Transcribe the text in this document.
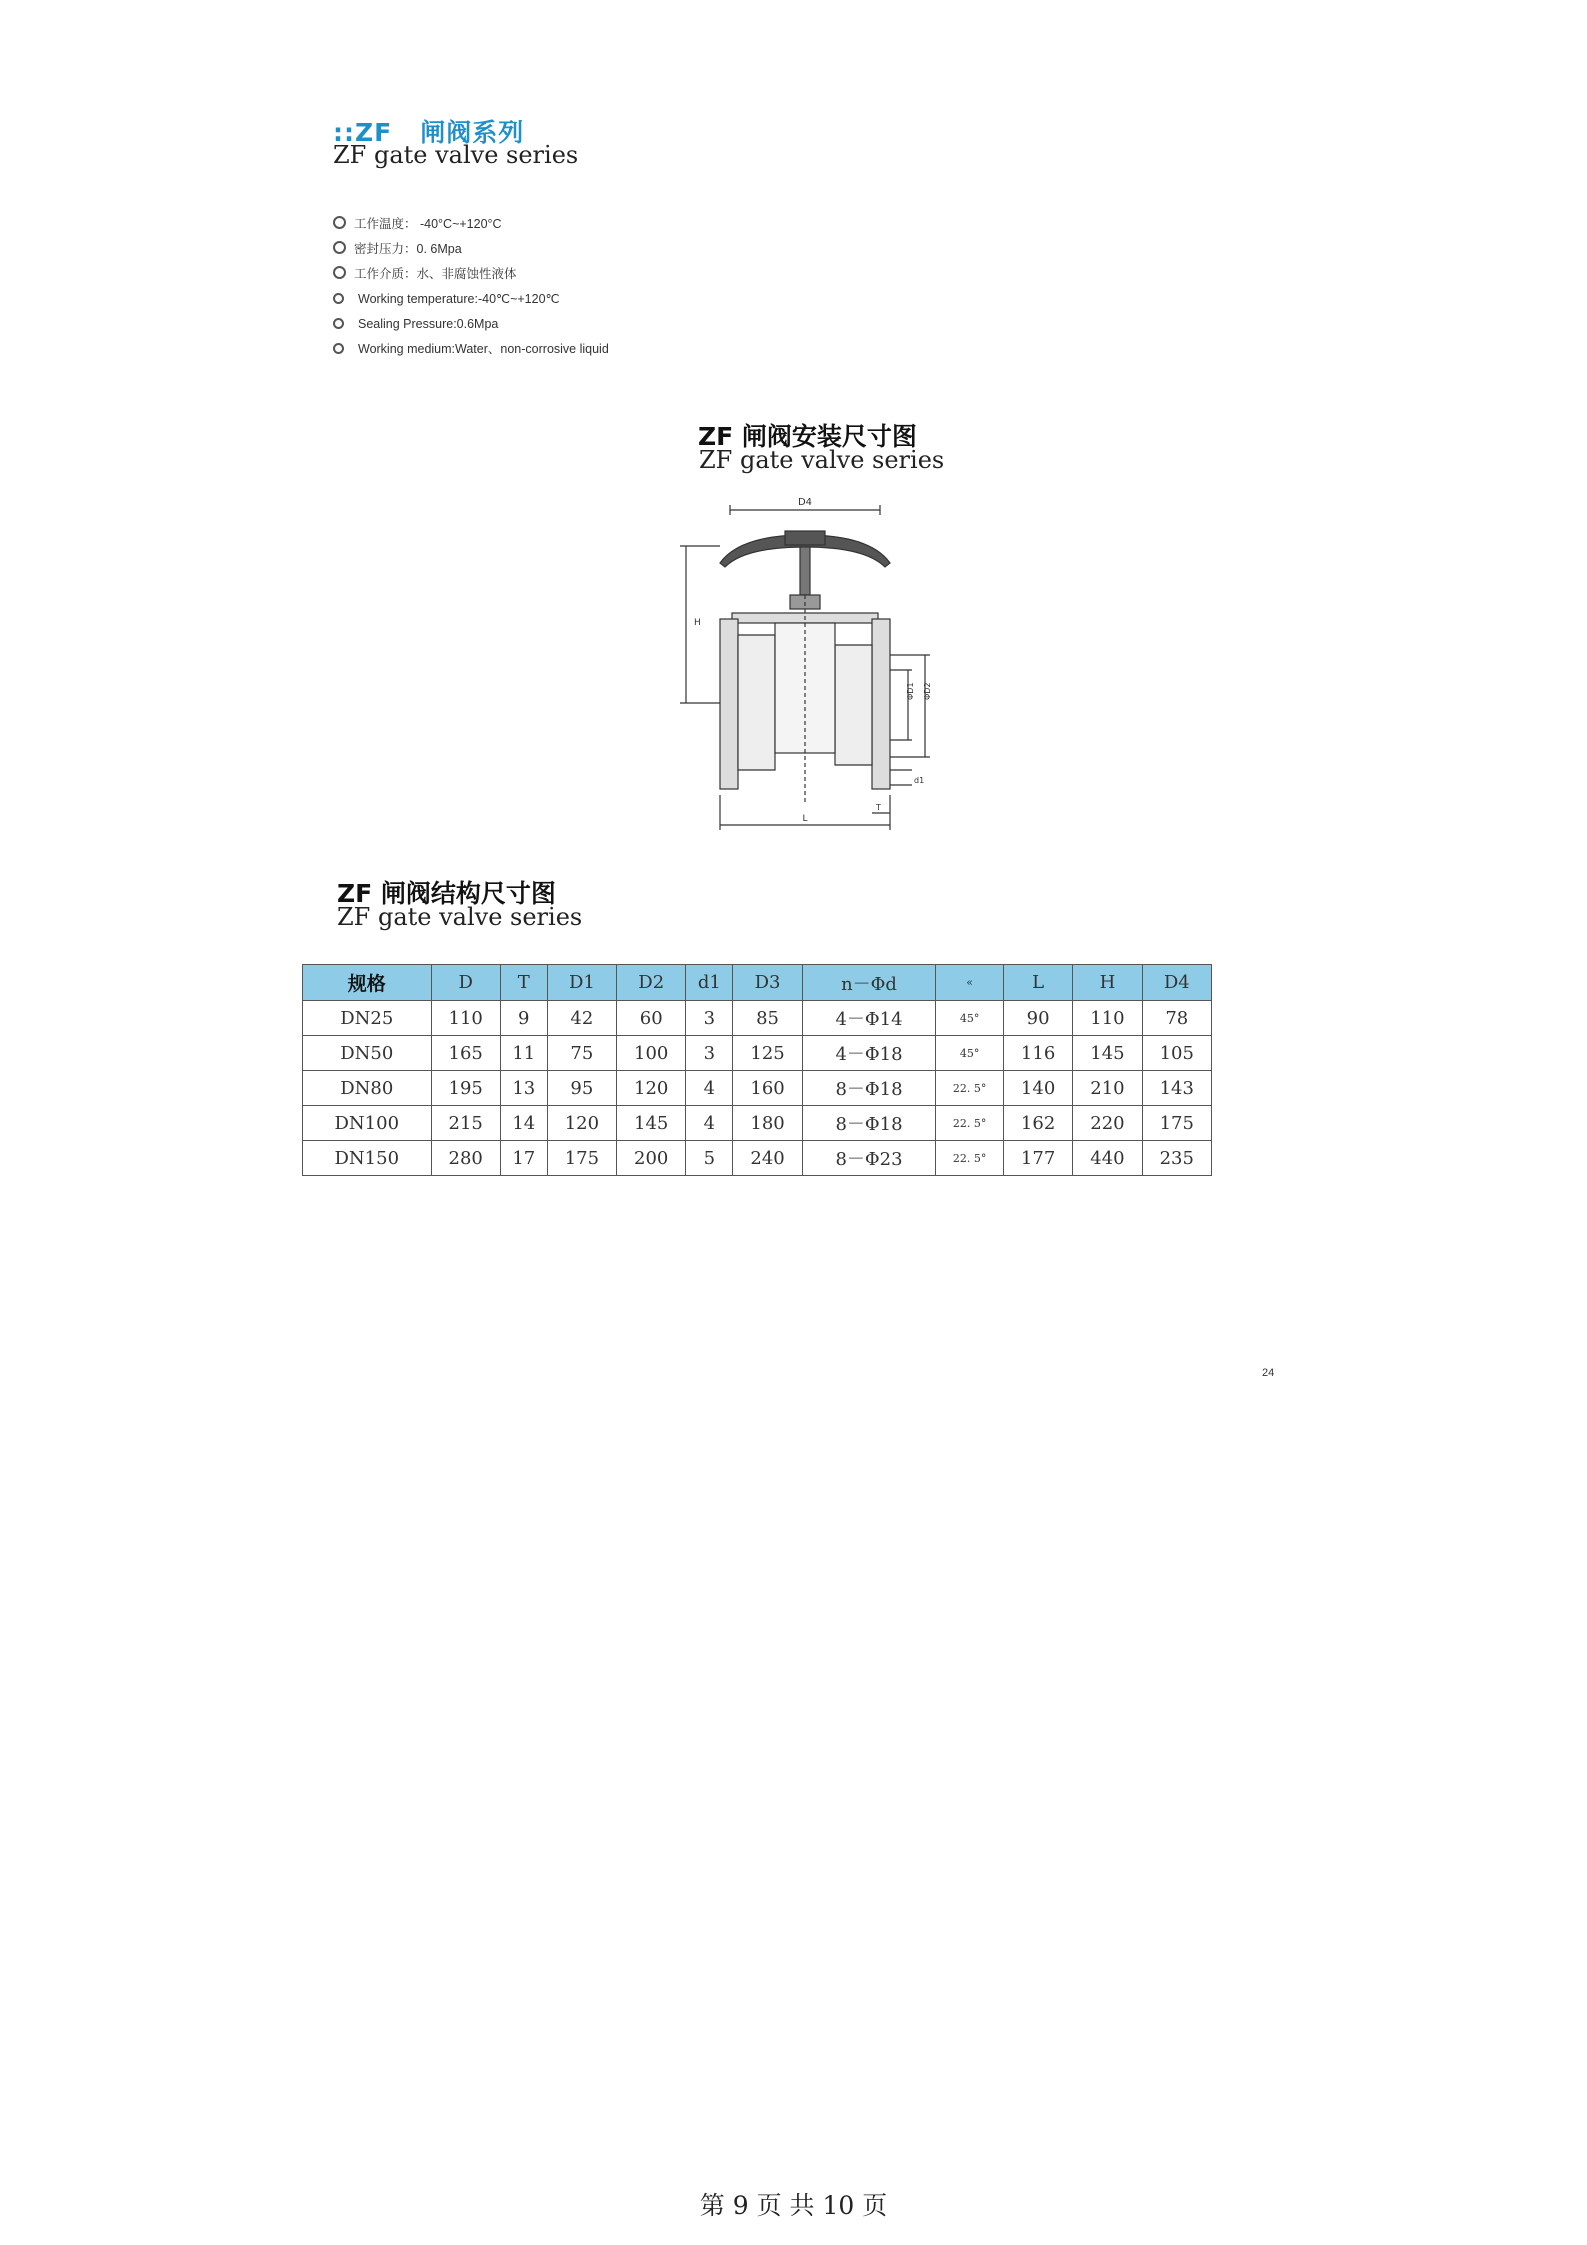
::ZF 闸阀系列
ZF gate valve series
工作温度： -40°C~+120°C
密封压力：0. 6Mpa
工作介质：水、非腐蚀性液体
Working temperature:-40℃~+120℃
Sealing Pressure:0.6Mpa
Working medium:Water、non-corrosive liquid
ZF 闸阀安装尺寸图
ZF gate valve series
D4
H
ΦD1 ΦD2
d1
L
T
ZF 闸阀结构尺寸图
ZF gate valve series
规格	D	T	D1	D2	d1	D3	n－Φd	«	L	H	D4
DN25	110	9	42	60	3	85	4－Φ14	45°	90	110	78
DN50	165	11	75	100	3	125	4－Φ18	45°	116	145	105
DN80	195	13	95	120	4	160	8－Φ18	22. 5°	140	210	143
DN100	215	14	120	145	4	180	8－Φ18	22. 5°	162	220	175
DN150	280	17	175	200	5	240	8－Φ23	22. 5°	177	440	235
24
第 9 页 共 10 页
